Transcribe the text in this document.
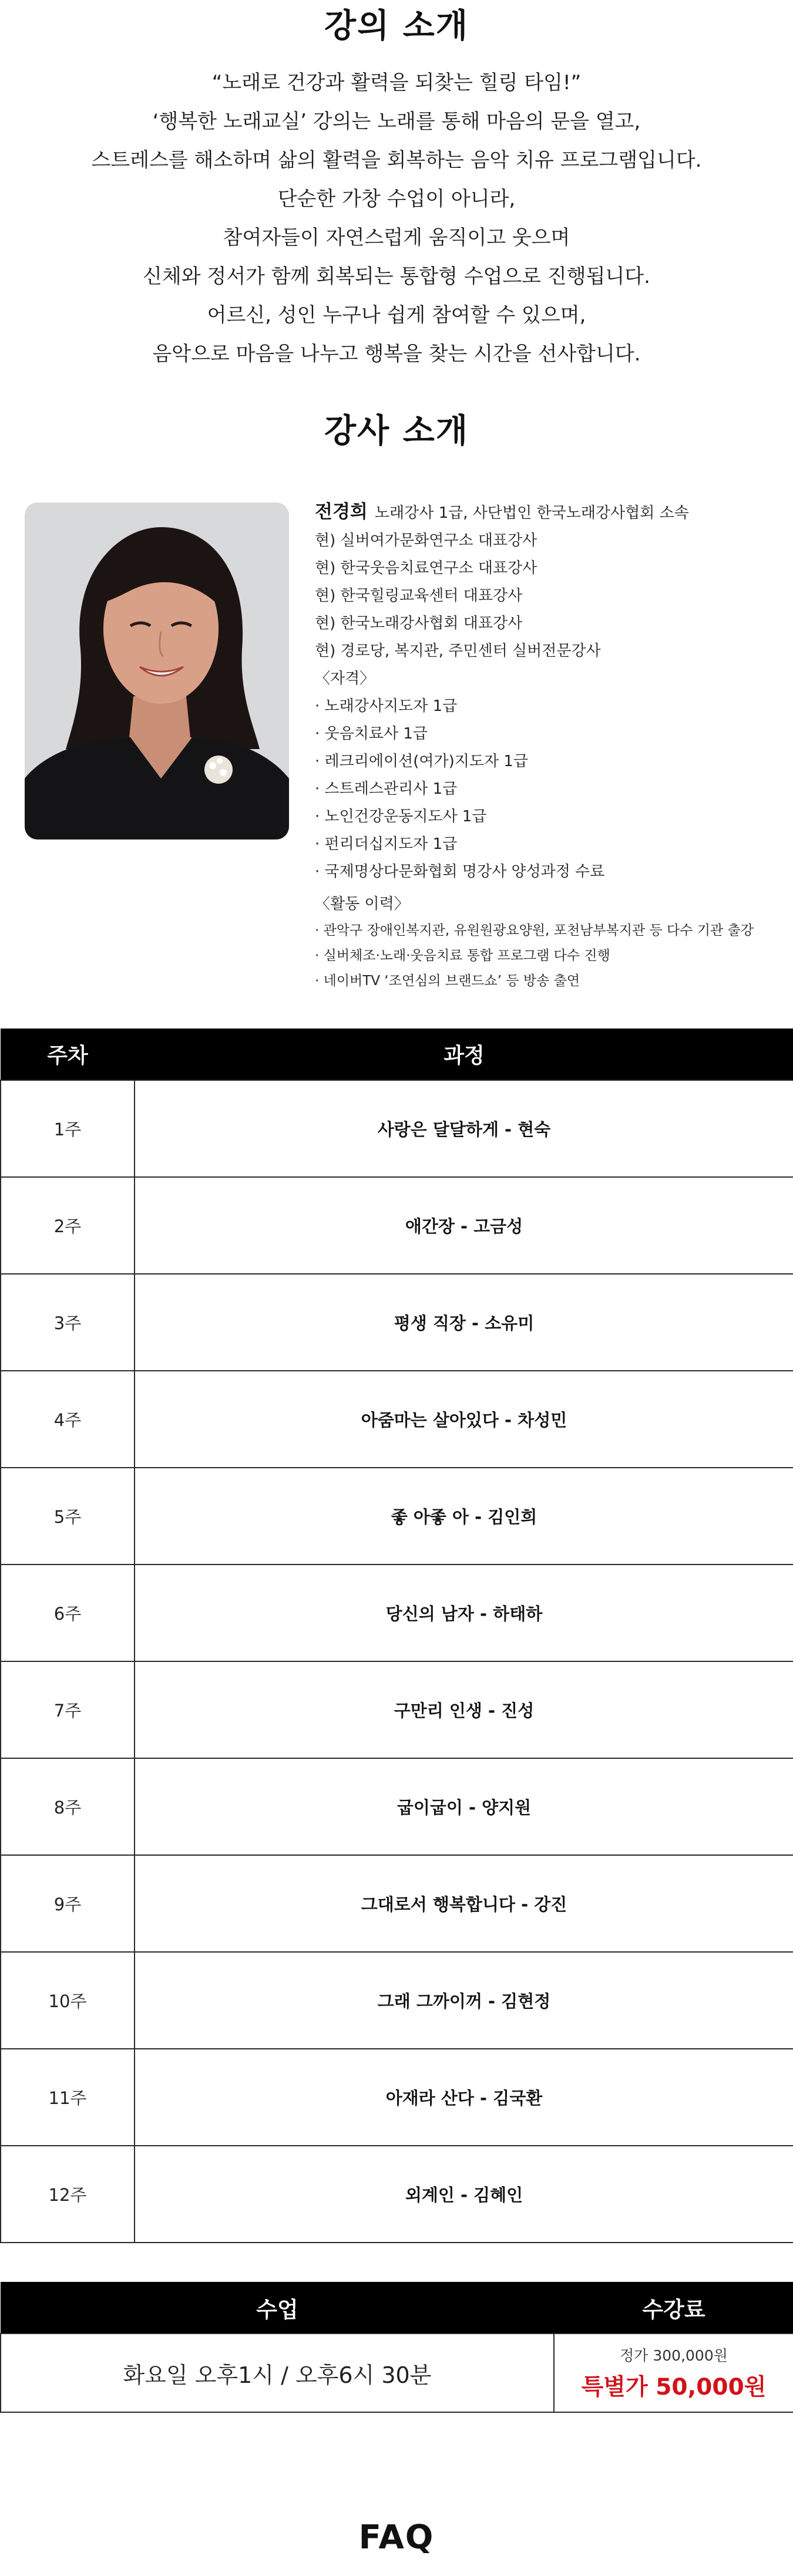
강의 소개

“노래로 건강과 활력을 되찾는 힐링 타임!”

‘행복한 노래교실’ 강의는 노래를 통해 마음의 문을 열고,

스트레스를 해소하며 삶의 활력을 회복하는 음악 치유 프로그램입니다.

단순한 가창 수업이 아니라,

참여자들이 자연스럽게 움직이고 웃으며

신체와 정서가 함께 회복되는 통합형 수업으로 진행됩니다.

어르신, 성인 누구나 쉽게 참여할 수 있으며,

음악으로 마음을 나누고 행복을 찾는 시간을 선사합니다.

강사 소개
전경희 노래강사 1급, 사단법인 한국노래강사협회 소속
현) 실버여가문화연구소 대표강사
현) 한국웃음치료연구소 대표강사
현) 한국힐링교육센터 대표강사
현) 한국노래강사협회 대표강사
현) 경로당, 복지관, 주민센터 실버전문강사
〈자격〉
· 노래강사지도자 1급
· 웃음치료사 1급
· 레크리에이션(여가)지도자 1급
· 스트레스관리사 1급
· 노인건강운동지도사 1급
· 펀리더십지도자 1급
· 국제명상다문화협회 명강사 양성과정 수료
〈활동 이력〉
· 관악구 장애인복지관, 유원원광요양원, 포천남부복지관 등 다수 기관 출강
· 실버체조·노래·웃음치료 통합 프로그램 다수 진행
· 네이버TV ‘조연심의 브랜드쇼’ 등 방송 출연
주차	과정
1주	사랑은 달달하게 - 현숙
2주	애간장 - 고금성
3주	평생 직장 - 소유미
4주	아줌마는 살아있다 - 차성민
5주	좋 아좋 아 - 김인희
6주	당신의 남자 - 하태하
7주	구만리 인생 - 진성
8주	굽이굽이 - 양지원
9주	그대로서 행복합니다 - 강진
10주	그래 그까이꺼 - 김현정
11주	아재라 산다 - 김국환
12주	외계인 - 김혜인
수업	수강료
화요일 오후1시 / 오후6시 30분	정가 300,000원
특별가 50,000원
FAQ
